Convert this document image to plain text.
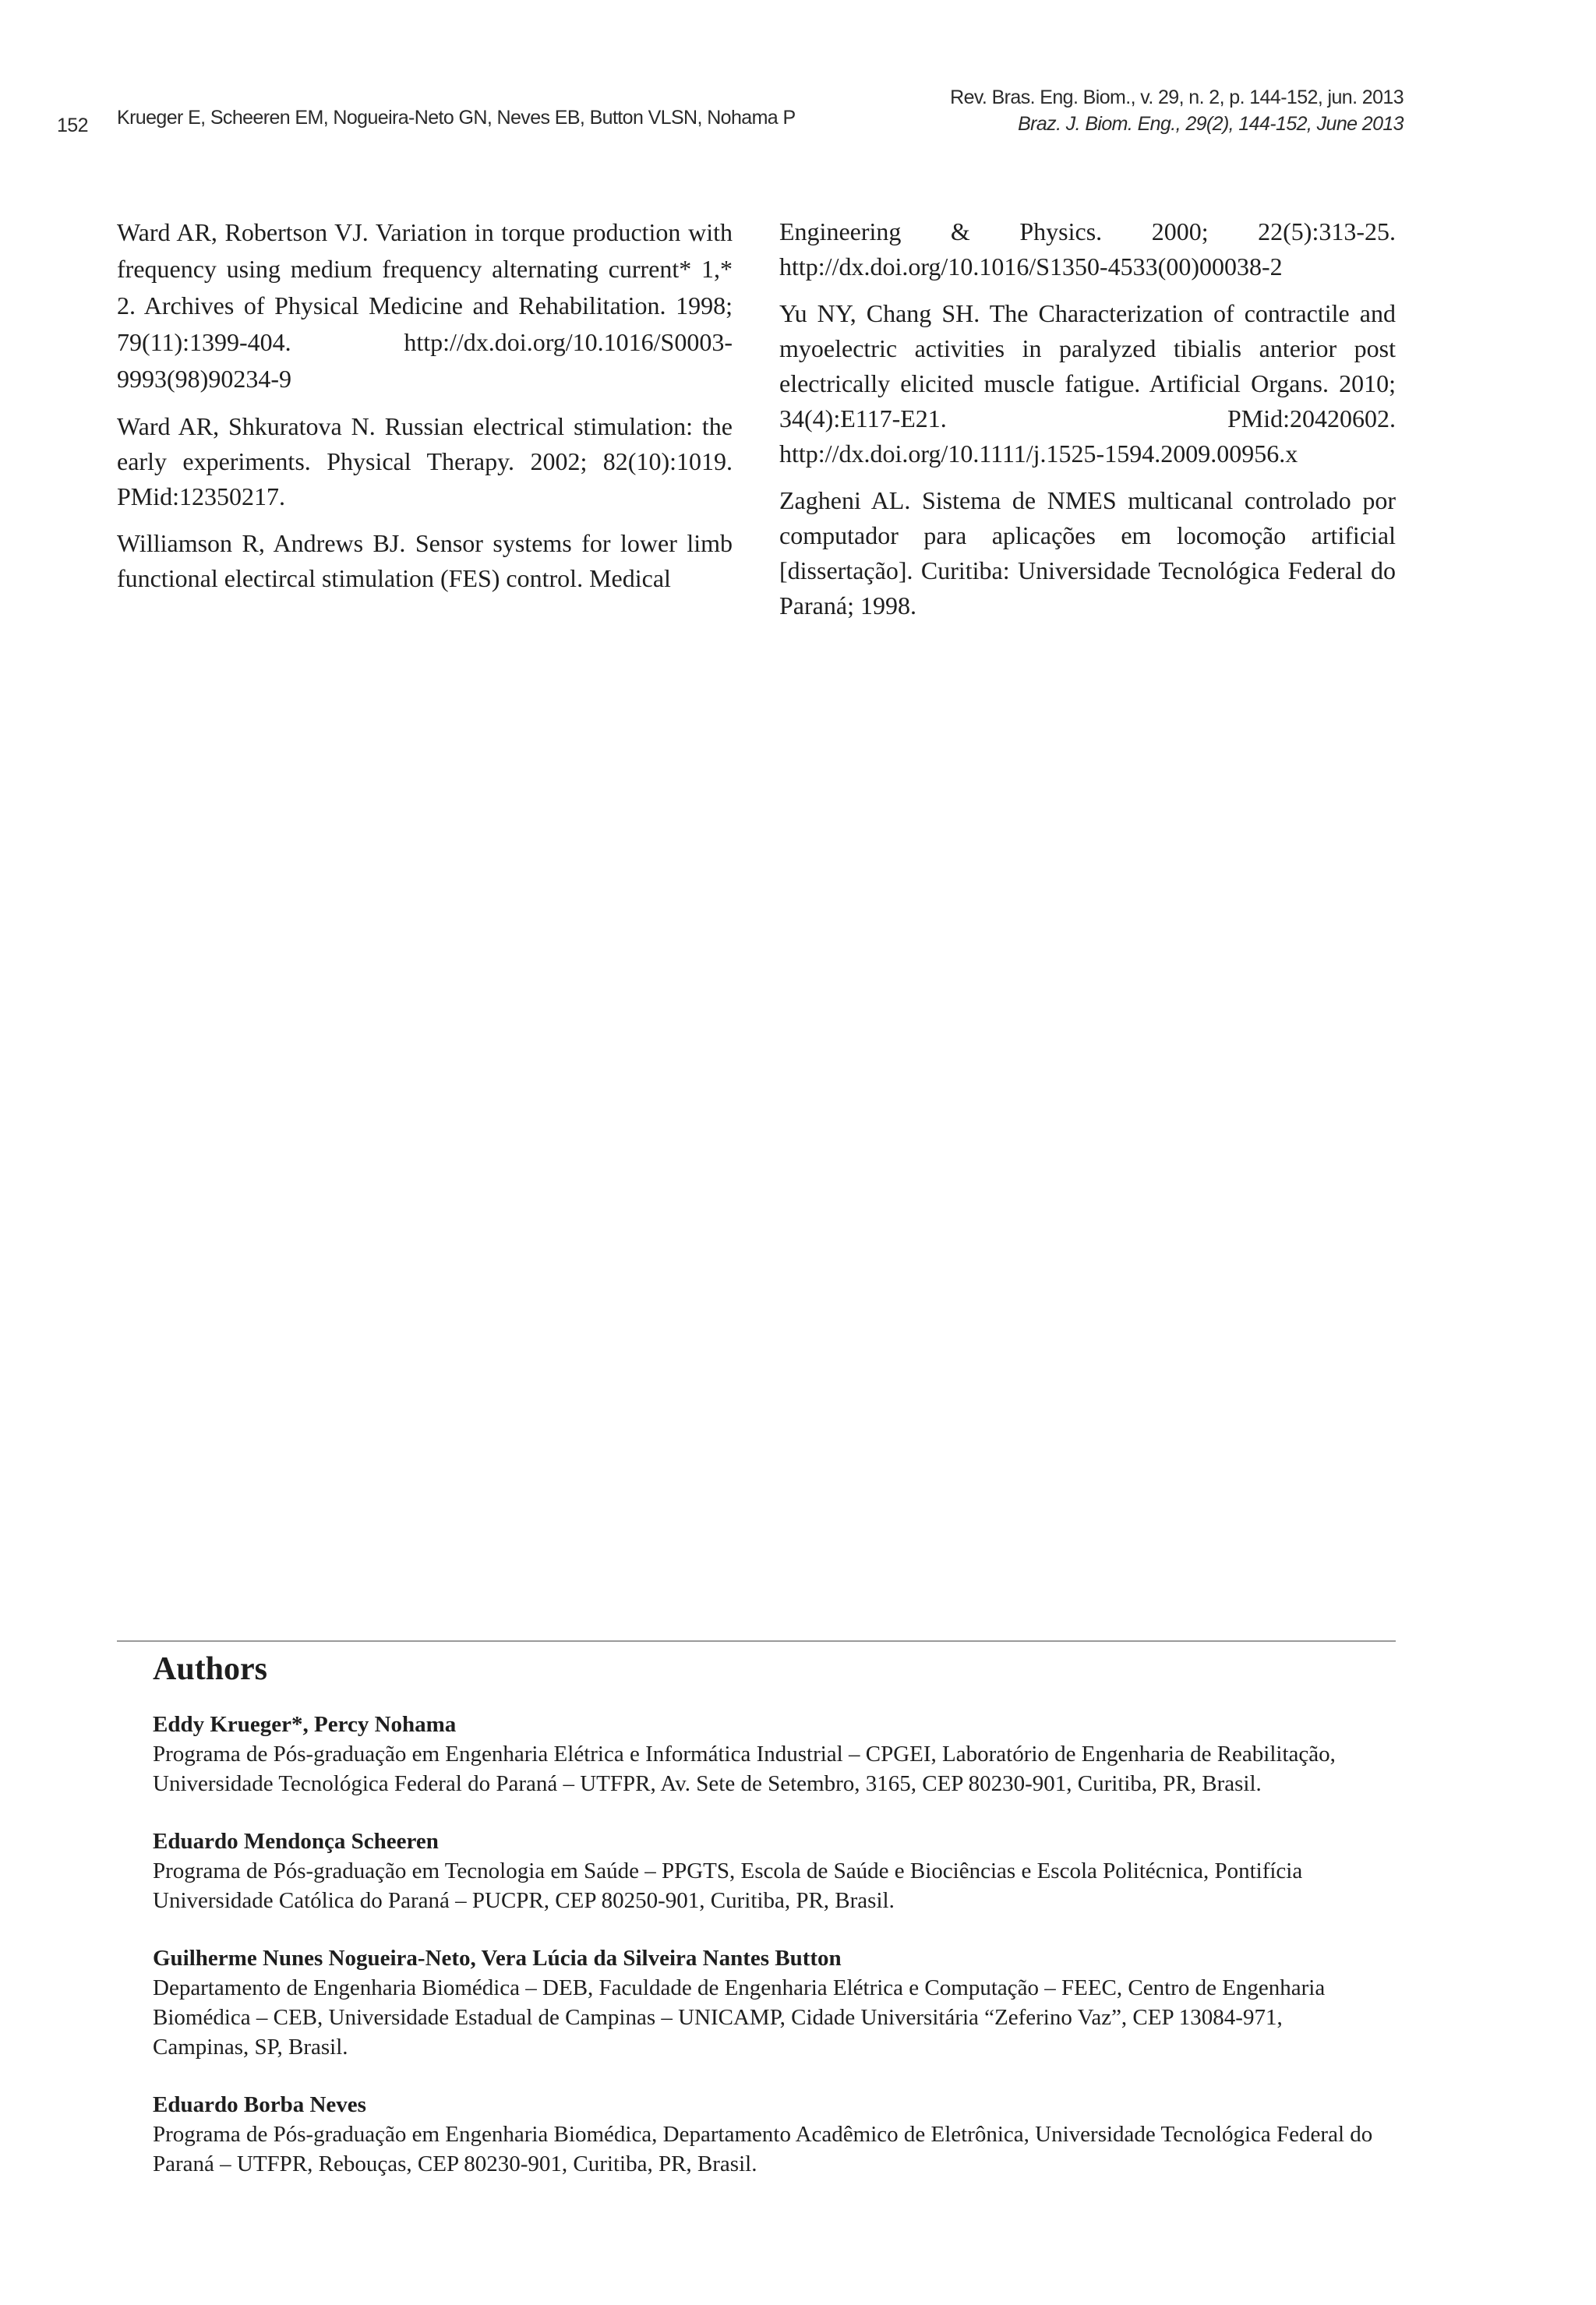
152 Krueger E, Scheeren EM, Nogueira-Neto GN, Neves EB, Button VLSN, Nohama P
Rev. Bras. Eng. Biom., v. 29, n. 2, p. 144-152, jun. 2013
Braz. J. Biom. Eng., 29(2), 144-152, June 2013

Ward AR, Robertson VJ. Variation in torque production with frequency using medium frequency alternating current* 1,* 2. Archives of Physical Medicine and Rehabilitation. 1998; 79(11):1399-404. http://dx.doi.org/10.1016/S0003-9993(98)90234-9

Ward AR, Shkuratova N. Russian electrical stimulation: the early experiments. Physical Therapy. 2002; 82(10):1019. PMid:12350217.

Williamson R, Andrews BJ. Sensor systems for lower limb functional electircal stimulation (FES) control. Medical

Engineering & Physics. 2000; 22(5):313-25. http://dx.doi.org/10.1016/S1350-4533(00)00038-2

Yu NY, Chang SH. The Characterization of contractile and myoelectric activities in paralyzed tibialis anterior post electrically elicited muscle fatigue. Artificial Organs. 2010; 34(4):E117-E21. PMid:20420602. http://dx.doi.org/10.1111/j.1525-1594.2009.00956.x

Zagheni AL. Sistema de NMES multicanal controlado por computador para aplicações em locomoção artificial [dissertação]. Curitiba: Universidade Tecnológica Federal do Paraná; 1998.

Authors
Eddy Krueger*, Percy Nohama
Programa de Pós-graduação em Engenharia Elétrica e Informática Industrial – CPGEI, Laboratório de Engenharia de Reabilitação, Universidade Tecnológica Federal do Paraná – UTFPR, Av. Sete de Setembro, 3165, CEP 80230-901, Curitiba, PR, Brasil.
Eduardo Mendonça Scheeren
Programa de Pós-graduação em Tecnologia em Saúde – PPGTS, Escola de Saúde e Biociências e Escola Politécnica, Pontifícia Universidade Católica do Paraná – PUCPR, CEP 80250-901, Curitiba, PR, Brasil.
Guilherme Nunes Nogueira-Neto, Vera Lúcia da Silveira Nantes Button
Departamento de Engenharia Biomédica – DEB, Faculdade de Engenharia Elétrica e Computação – FEEC, Centro de Engenharia Biomédica – CEB, Universidade Estadual de Campinas – UNICAMP, Cidade Universitária “Zeferino Vaz”, CEP 13084-971, Campinas, SP, Brasil.
Eduardo Borba Neves
Programa de Pós-graduação em Engenharia Biomédica, Departamento Acadêmico de Eletrônica, Universidade Tecnológica Federal do Paraná – UTFPR, Rebouças, CEP 80230-901, Curitiba, PR, Brasil.
